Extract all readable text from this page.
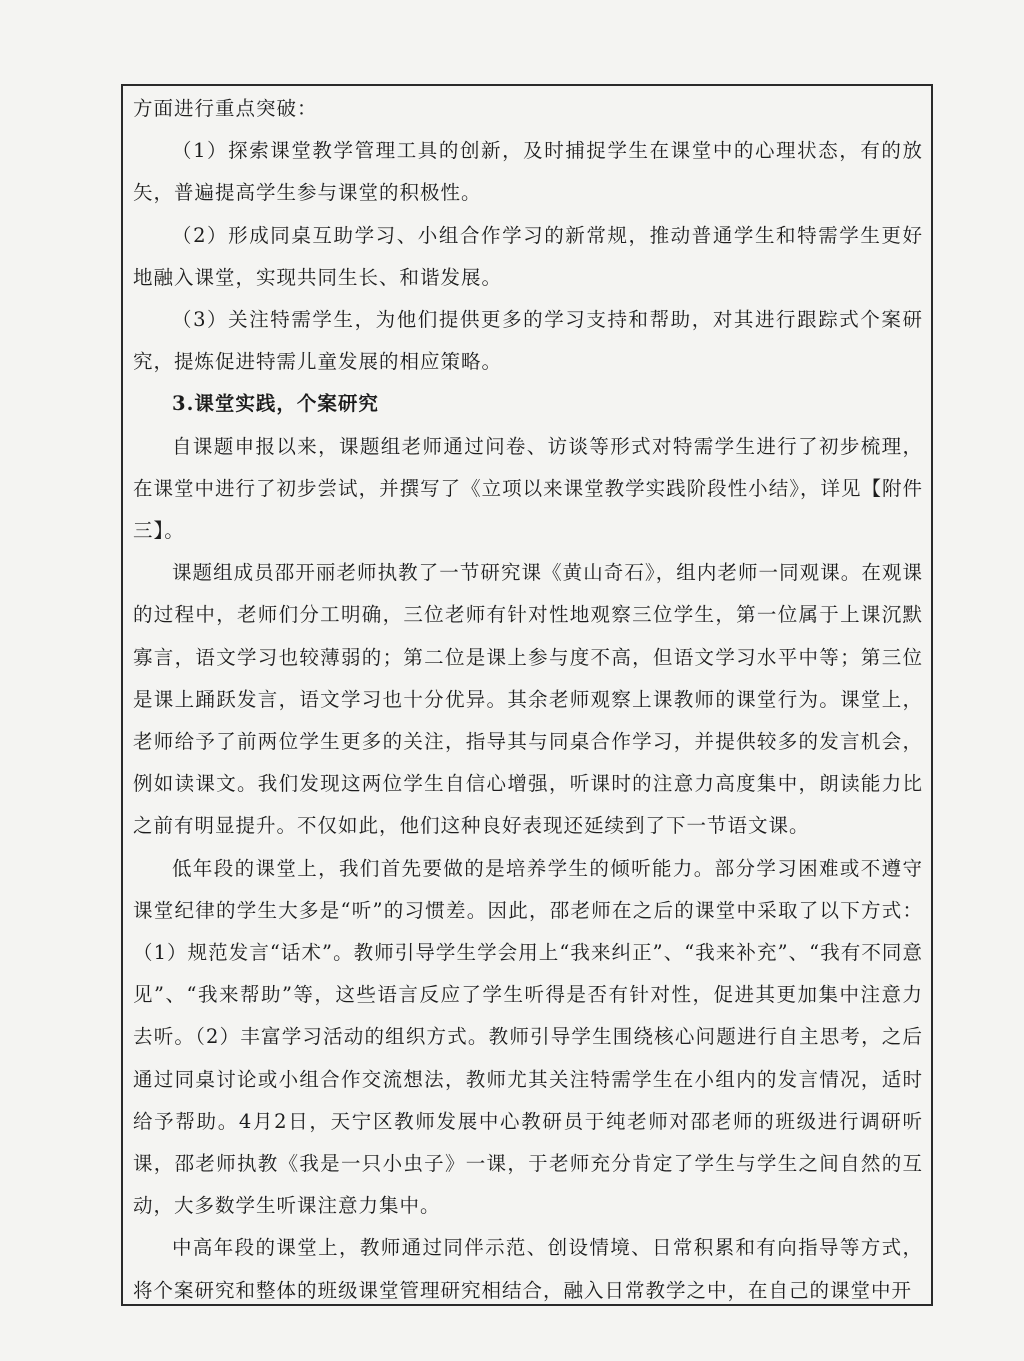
方面进行重点突破：

（1）探索课堂教学管理工具的创新，及时捕捉学生在课堂中的心理状态，有的放矢，普遍提高学生参与课堂的积极性。

（2）形成同桌互助学习、小组合作学习的新常规，推动普通学生和特需学生更好地融入课堂，实现共同生长、和谐发展。

（3）关注特需学生，为他们提供更多的学习支持和帮助，对其进行跟踪式个案研究，提炼促进特需儿童发展的相应策略。

3.课堂实践，个案研究

自课题申报以来，课题组老师通过问卷、访谈等形式对特需学生进行了初步梳理，在课堂中进行了初步尝试，并撰写了《立项以来课堂教学实践阶段性小结》，详见【附件三】。

课题组成员邵开丽老师执教了一节研究课《黄山奇石》，组内老师一同观课。在观课的过程中，老师们分工明确，三位老师有针对性地观察三位学生，第一位属于上课沉默寡言，语文学习也较薄弱的；第二位是课上参与度不高，但语文学习水平中等；第三位是课上踊跃发言，语文学习也十分优异。其余老师观察上课教师的课堂行为。课堂上，老师给予了前两位学生更多的关注，指导其与同桌合作学习，并提供较多的发言机会，例如读课文。我们发现这两位学生自信心增强，听课时的注意力高度集中，朗读能力比之前有明显提升。不仅如此，他们这种良好表现还延续到了下一节语文课。

低年段的课堂上，我们首先要做的是培养学生的倾听能力。部分学习困难或不遵守课堂纪律的学生大多是“听”的习惯差。因此，邵老师在之后的课堂中采取了以下方式：（1）规范发言“话术”。教师引导学生学会用上“我来纠正”、“我来补充”、“我有不同意见”、“我来帮助”等，这些语言反应了学生听得是否有针对性，促进其更加集中注意力去听。（2）丰富学习活动的组织方式。教师引导学生围绕核心问题进行自主思考，之后通过同桌讨论或小组合作交流想法，教师尤其关注特需学生在小组内的发言情况，适时给予帮助。4月2日，天宁区教师发展中心教研员于纯老师对邵老师的班级进行调研听课，邵老师执教《我是一只小虫子》一课，于老师充分肯定了学生与学生之间自然的互动，大多数学生听课注意力集中。

中高年段的课堂上，教师通过同伴示范、创设情境、日常积累和有向指导等方式，将个案研究和整体的班级课堂管理研究相结合，融入日常教学之中，在自己的课堂中开
